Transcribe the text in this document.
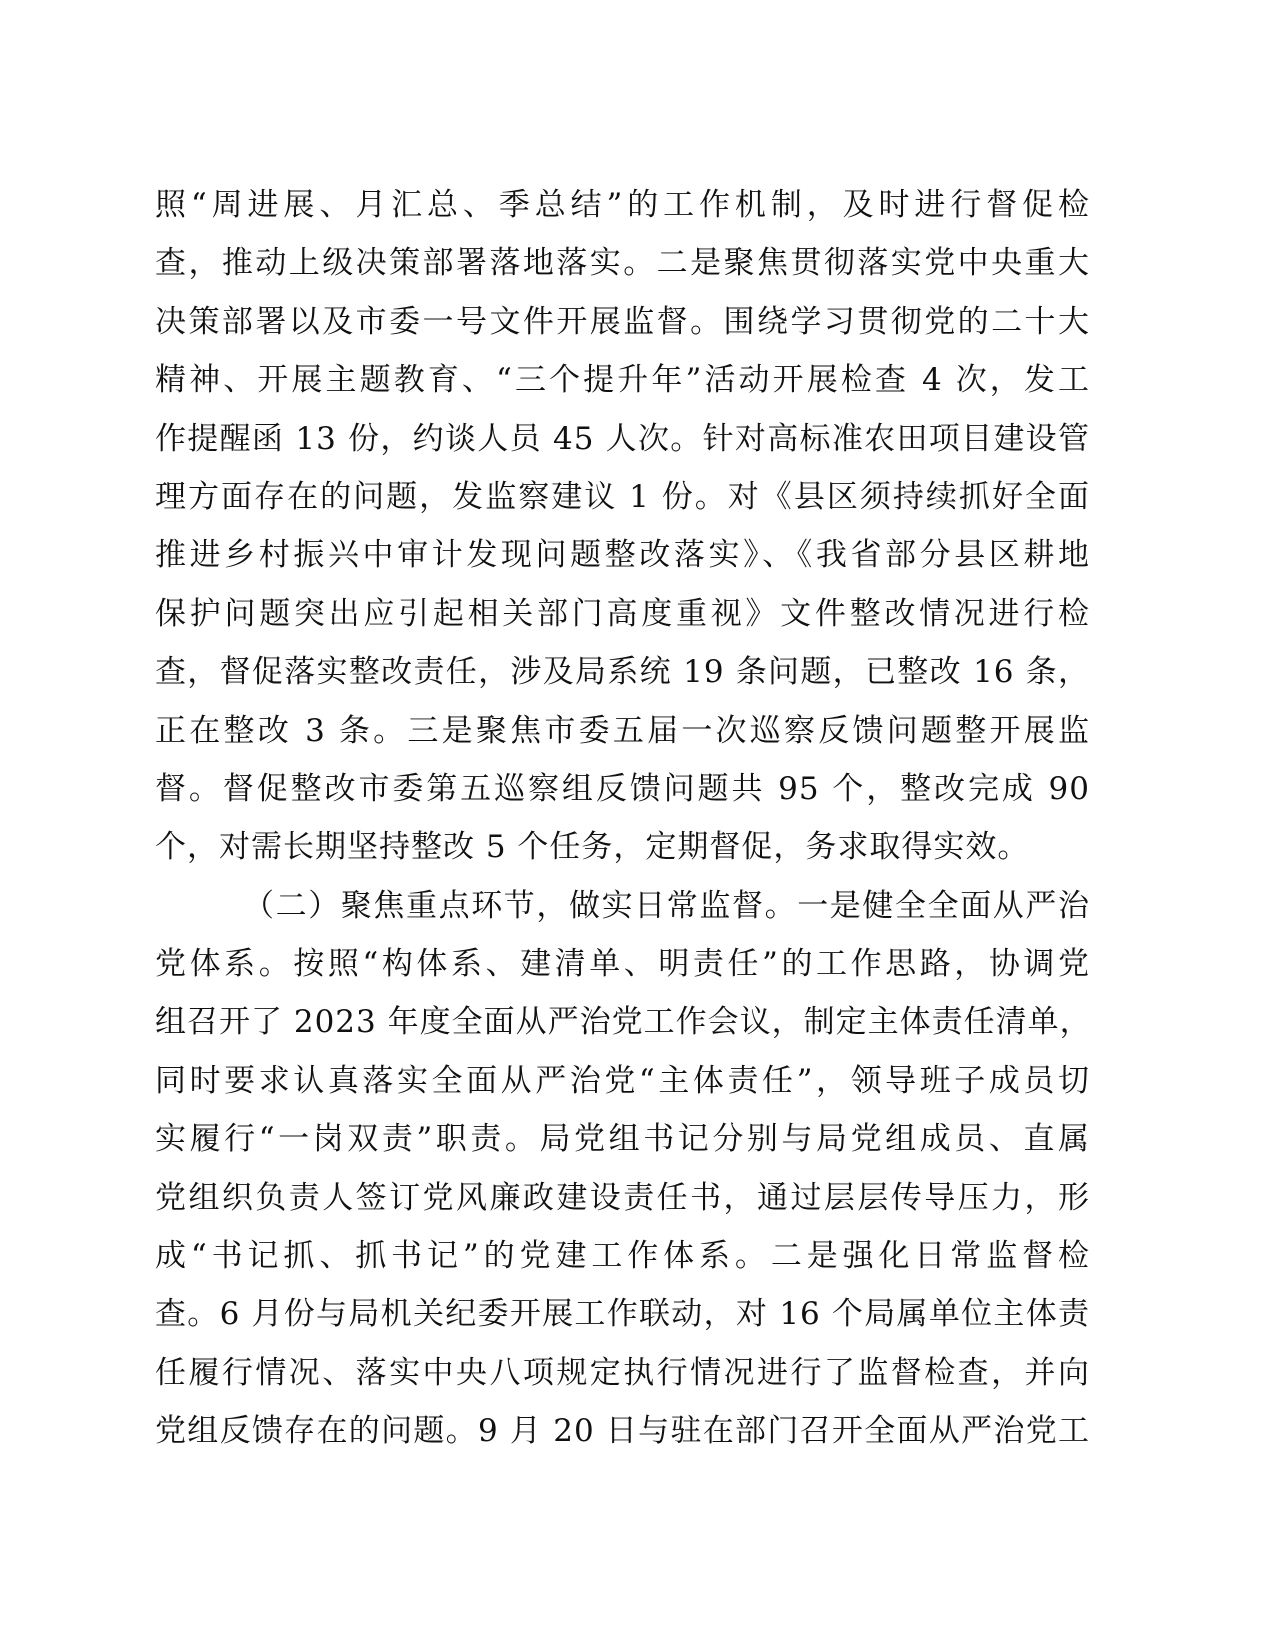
照“周进展、月汇总、季总结”的工作机制，及时进行督促检
查，推动上级决策部署落地落实。二是聚焦贯彻落实党中央重大
决策部署以及市委一号文件开展监督。围绕学习贯彻党的二十大
精神、开展主题教育、“三个提升年”活动开展检查 4 次，发工
作提醒函 13 份，约谈人员 45 人次。针对高标准农田项目建设管
理方面存在的问题，发监察建议 1 份。对《县区须持续抓好全面
推进乡村振兴中审计发现问题整改落实》、《我省部分县区耕地
保护问题突出应引起相关部门高度重视》文件整改情况进行检
查，督促落实整改责任，涉及局系统 19 条问题，已整改 16 条，
正在整改 3 条。三是聚焦市委五届一次巡察反馈问题整开展监
督。督促整改市委第五巡察组反馈问题共 95 个，整改完成 90
个，对需长期坚持整改 5 个任务，定期督促，务求取得实效。
（二）聚焦重点环节，做实日常监督。一是健全全面从严治
党体系。按照“构体系、建清单、明责任”的工作思路，协调党
组召开了 2023 年度全面从严治党工作会议，制定主体责任清单，
同时要求认真落实全面从严治党“主体责任”，领导班子成员切
实履行“一岗双责”职责。局党组书记分别与局党组成员、直属
党组织负责人签订党风廉政建设责任书，通过层层传导压力，形
成“书记抓、抓书记”的党建工作体系。二是强化日常监督检
查。6 月份与局机关纪委开展工作联动，对 16 个局属单位主体责
任履行情况、落实中央八项规定执行情况进行了监督检查，并向
党组反馈存在的问题。9 月 20 日与驻在部门召开全面从严治党工
